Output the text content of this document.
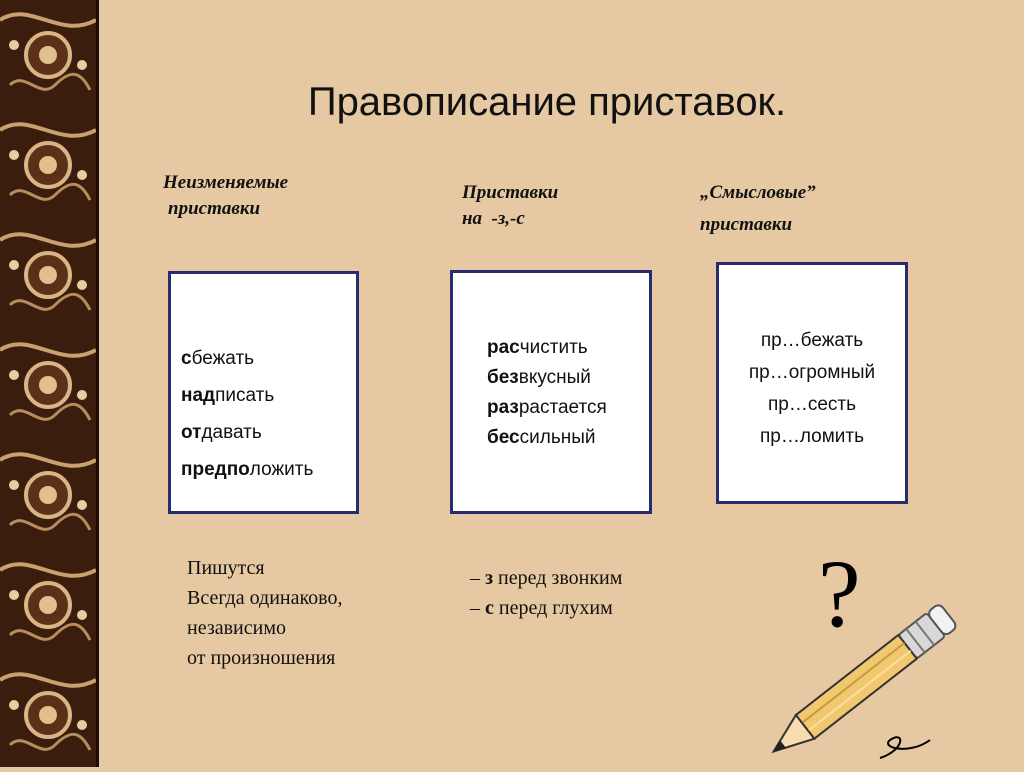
Правописание приставок.
Неизменяемые
приставки
сбежать
надписать
отдавать
предположить
Пишутся
Всегда одинаково,
независимо
от произношения
Приставки
на  -з,-с
расчистить
безвкусный
разрастается
бессильный
– з перед звонким
– с перед глухим
„Смысловые”
приставки
пр…бежать
пр…огромный
пр…сесть
пр…ломить
?
